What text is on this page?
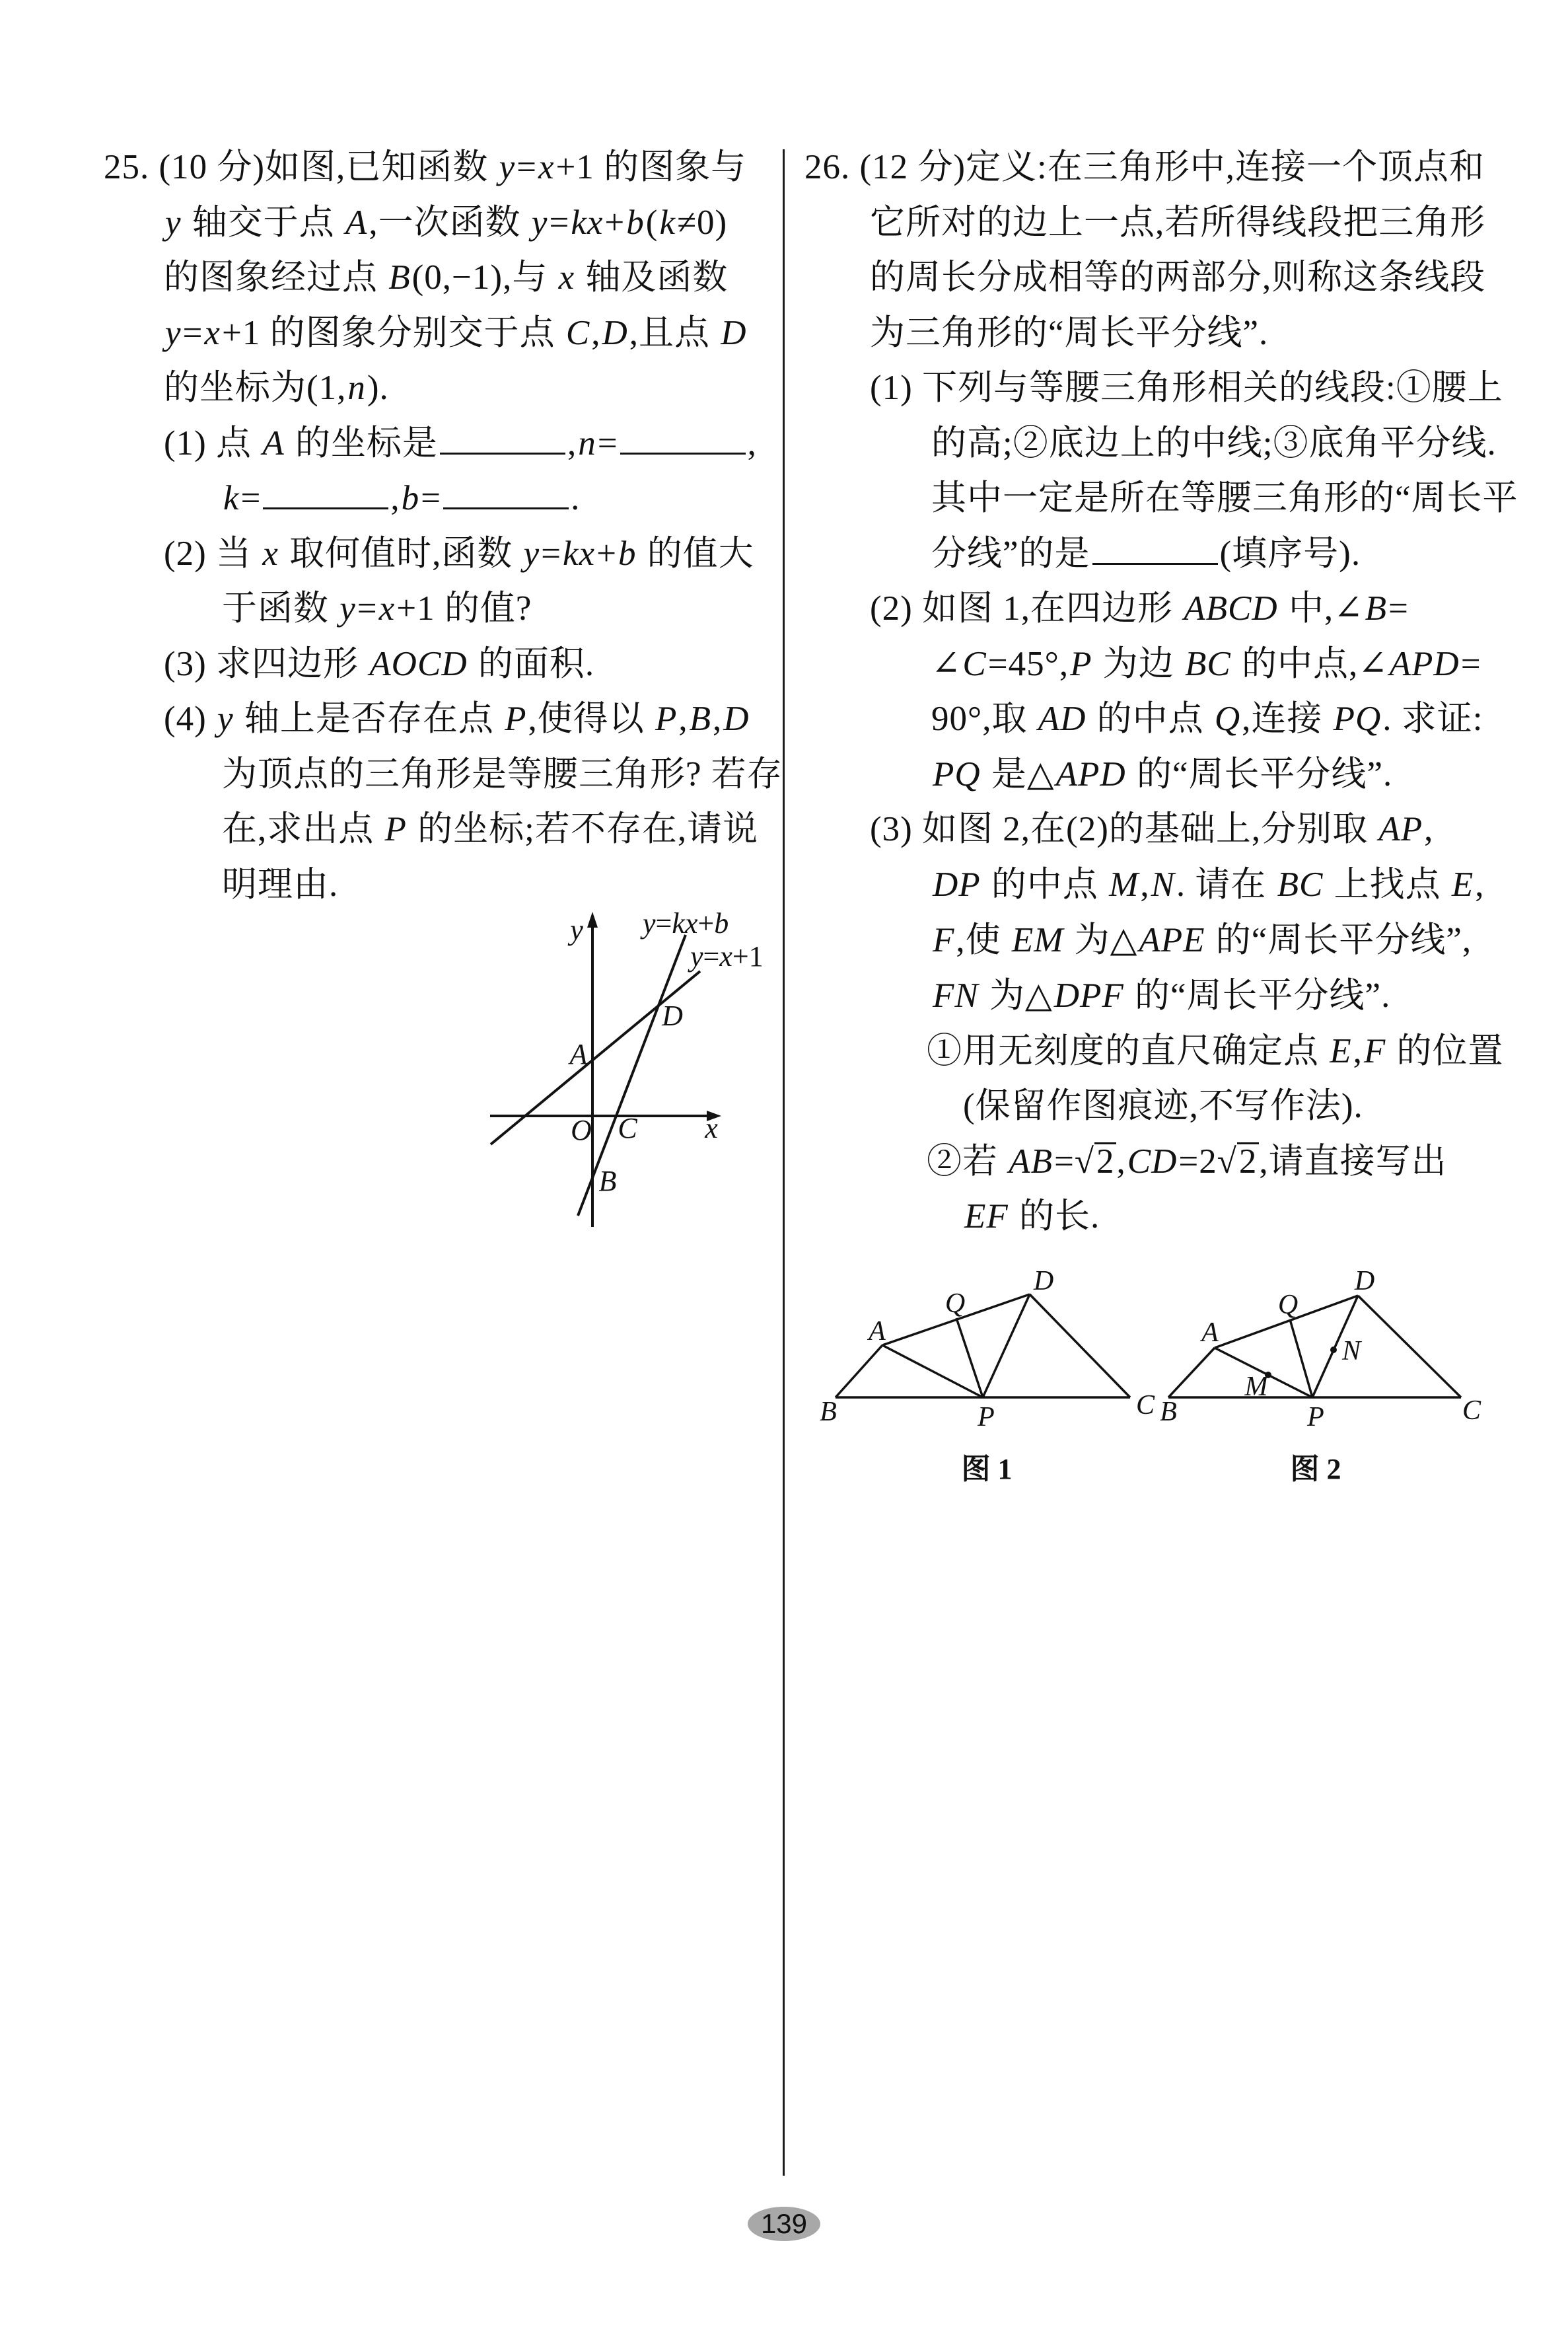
25. (10 分)如图,已知函数 y=x+1 的图象与
y 轴交于点 A,一次函数 y=kx+b(k≠0)
的图象经过点 B(0,−1),与 x 轴及函数
y=x+1 的图象分别交于点 C,D,且点 D
的坐标为(1,n).
(1) 点 A 的坐标是	,n=	,
k=	,b=	.
(2) 当 x 取何值时,函数 y=kx+b 的值大
于函数 y=x+1 的值?
(3) 求四边形 AOCD 的面积.
(4) y 轴上是否存在点 P,使得以 P,B,D
为顶点的三角形是等腰三角形? 若存
在,求出点 P 的坐标;若不存在,请说
明理由.
y
x
O
A
B
C
D
y=kx+b
y=x+1
26. (12 分)定义:在三角形中,连接一个顶点和
它所对的边上一点,若所得线段把三角形
的周长分成相等的两部分,则称这条线段
为三角形的“周长平分线”.
(1) 下列与等腰三角形相关的线段:①腰上
的高;②底边上的中线;③底角平分线.
其中一定是所在等腰三角形的“周长平
分线”的是	(填序号).
(2) 如图 1,在四边形 ABCD 中,∠B=
∠C=45°,P 为边 BC 的中点,∠APD=
90°,取 AD 的中点 Q,连接 PQ. 求证:
PQ 是△APD 的“周长平分线”.
(3) 如图 2,在(2)的基础上,分别取 AP,
DP 的中点 M,N. 请在 BC 上找点 E,
F,使 EM 为△APE 的“周长平分线”,
FN 为△DPF 的“周长平分线”.
①用无刻度的直尺确定点 E,F 的位置
(保留作图痕迹,不写作法).
②若 AB=√2,CD=2√2,请直接写出
EF 的长.
B
A
Q
D
P	C
图 1
B
A
Q
D
M
N
P	C
图 2
139
